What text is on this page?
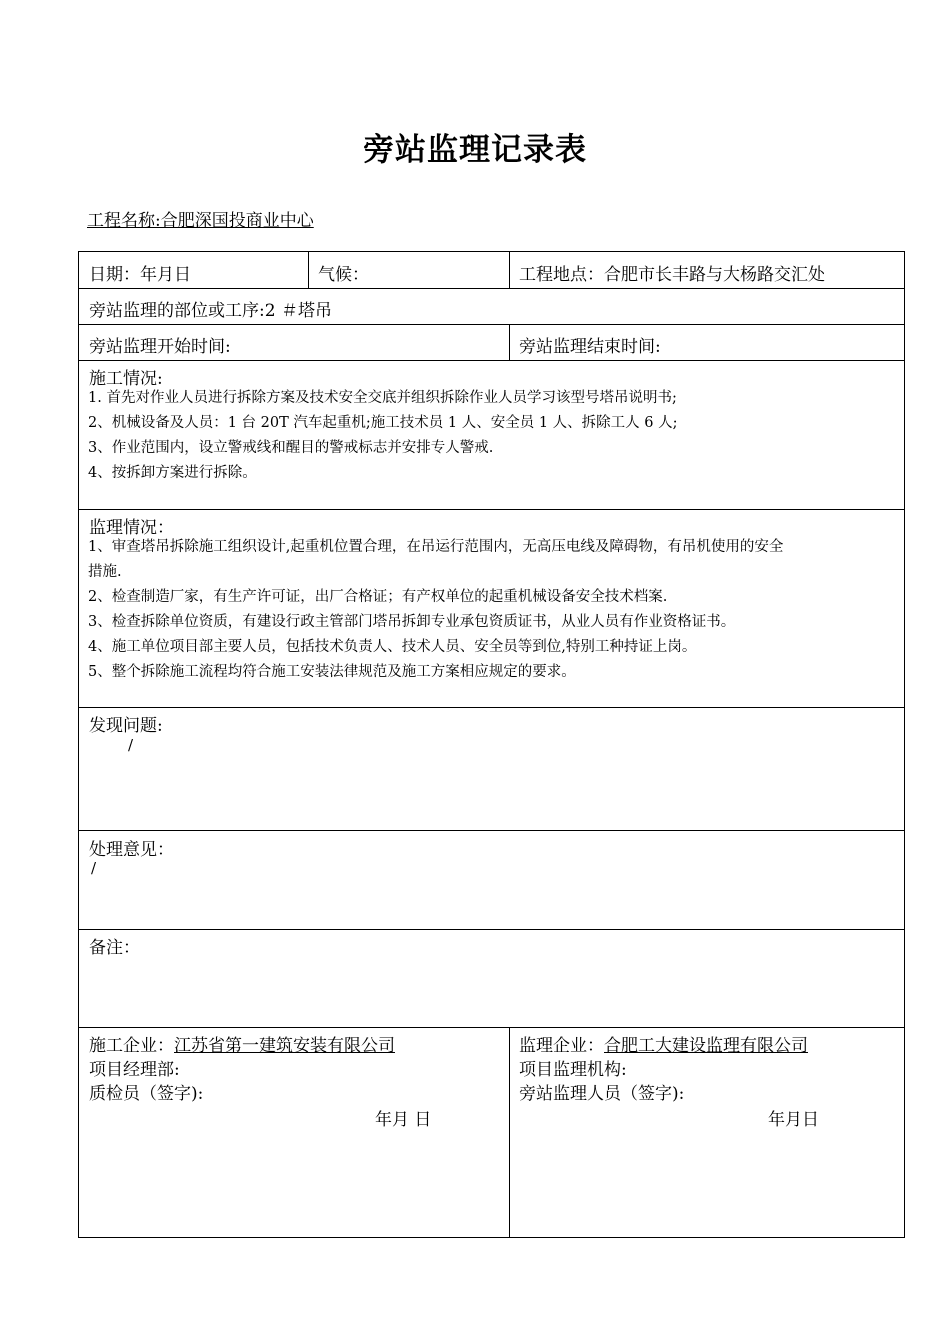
旁站监理记录表
工程名称:合肥深国投商业中心
日期：年月日	气候：	工程地点：合肥市长丰路与大杨路交汇处
旁站监理的部位或工序:2 ＃塔吊
旁站监理开始时间:	旁站监理结束时间:
施工情况:
1. 首先对作业人员进行拆除方案及技术安全交底并组织拆除作业人员学习该型号塔吊说明书;
2、机械设备及人员：1 台 20T 汽车起重机;施工技术员 1 人、安全员 1 人、拆除工人 6 人;
3、作业范围内，设立警戒线和醒目的警戒标志并安排专人警戒.
4、按拆卸方案进行拆除。
监理情况：
1、审查塔吊拆除施工组织设计,起重机位置合理，在吊运行范围内，无高压电线及障碍物，有吊机使用的安全
措施.
2、检查制造厂家，有生产许可证，出厂合格证；有产权单位的起重机械设备安全技术档案.
3、检查拆除单位资质，有建设行政主管部门塔吊拆卸专业承包资质证书，从业人员有作业资格证书。
4、施工单位项目部主要人员，包括技术负责人、技术人员、安全员等到位,特别工种持证上岗。
5、整个拆除施工流程均符合施工安装法律规范及施工方案相应规定的要求。
发现问题:
/
处理意见：
/
备注：
施工企业：江苏省第一建筑安装有限公司
项目经理部:
质检员（签字):
年月 日
监理企业：合肥工大建设监理有限公司
项目监理机构:
旁站监理人员（签字):
年月日
